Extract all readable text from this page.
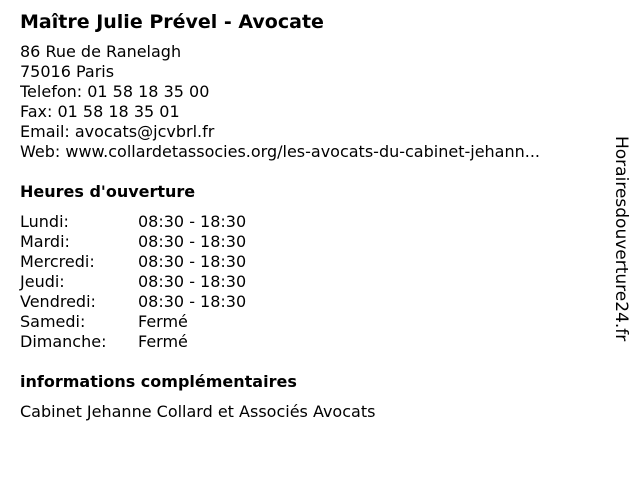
Maître Julie Prével - Avocate
86 Rue de Ranelagh
75016 Paris
Telefon: 01 58 18 35 00
Fax: 01 58 18 35 01
Email: avocats@jcvbrl.fr
Web: www.collardetassocies.org/les-avocats-du-cabinet-jehann...
Heures d'ouverture
Lundi:	08:30 - 18:30
Mardi:	08:30 - 18:30
Mercredi:	08:30 - 18:30
Jeudi:	08:30 - 18:30
Vendredi:	08:30 - 18:30
Samedi:	Fermé
Dimanche:	Fermé
informations complémentaires
Cabinet Jehanne Collard et Associés Avocats
Horairesdouverture24.fr
